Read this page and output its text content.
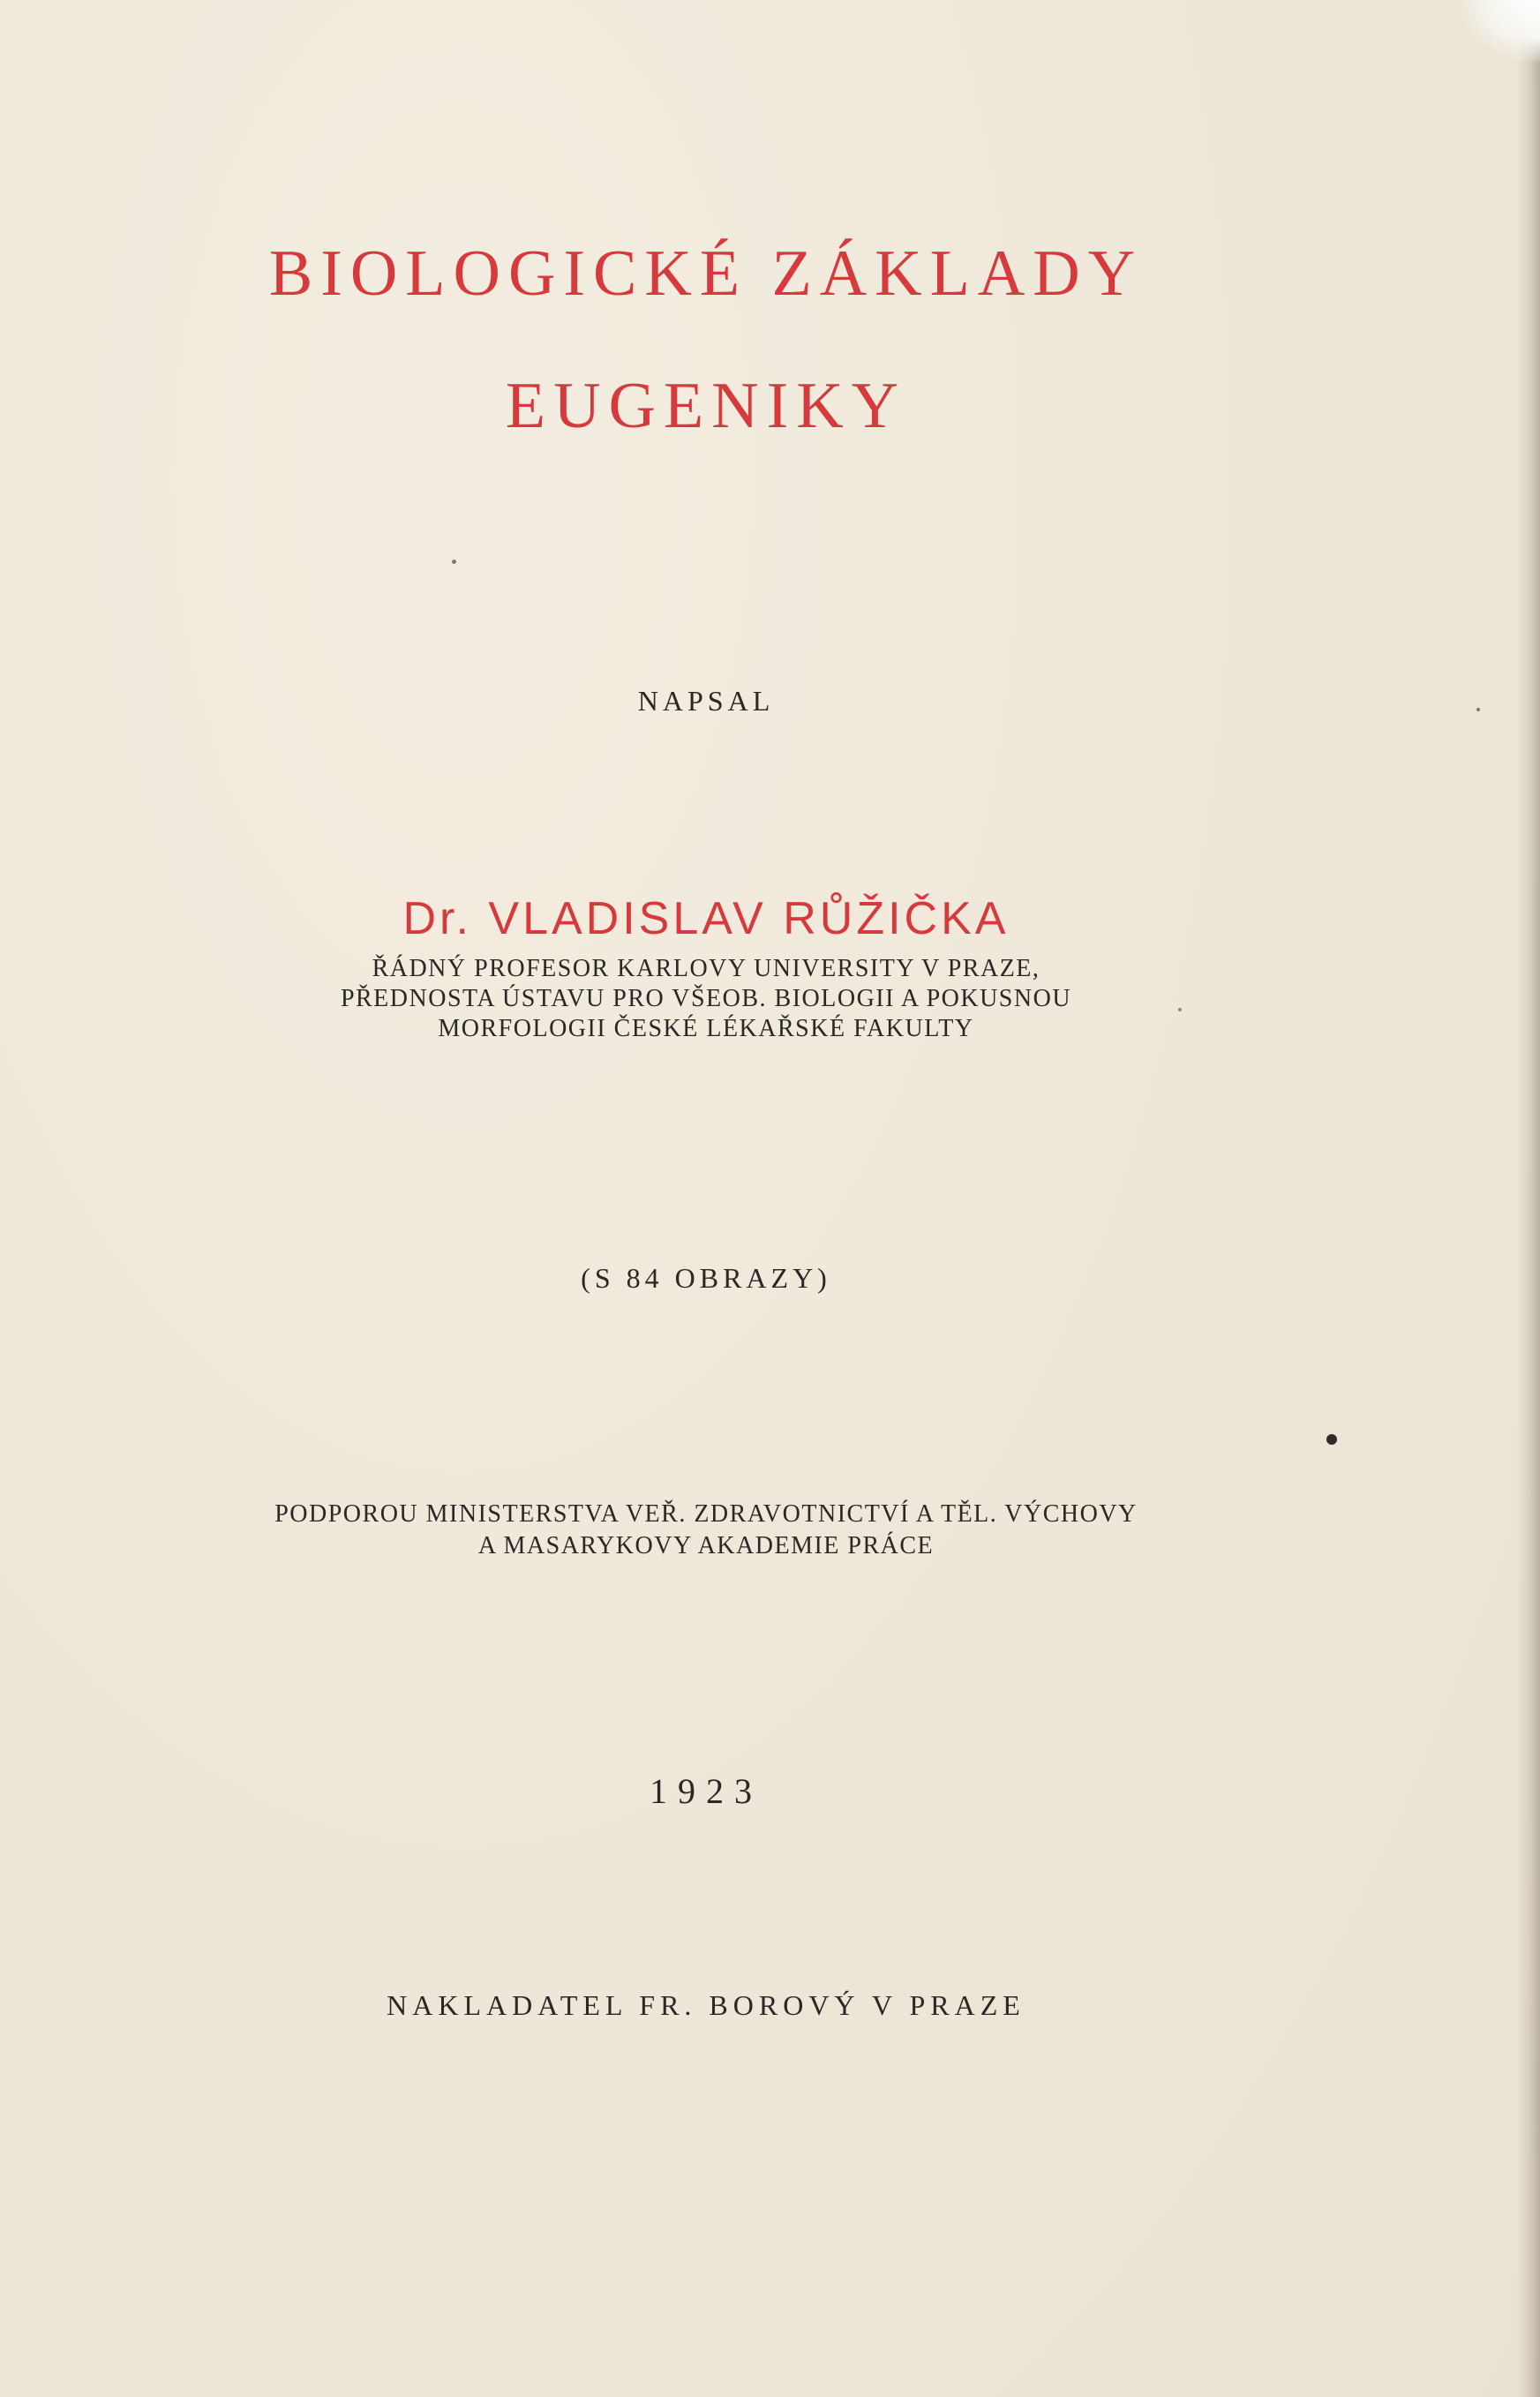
BIOLOGICKÉ ZÁKLADY
EUGENIKY
NAPSAL
Dr. VLADISLAV RŮŽIČKA
ŘÁDNÝ PROFESOR KARLOVY UNIVERSITY V PRAZE,
PŘEDNOSTA ÚSTAVU PRO VŠEOB. BIOLOGII A POKUSNOU
MORFOLOGII ČESKÉ LÉKAŘSKÉ FAKULTY
(S 84 OBRAZY)
PODPOROU MINISTERSTVA VEŘ. ZDRAVOTNICTVÍ A TĚL. VÝCHOVY
A MASARYKOVY AKADEMIE PRÁCE
1923
NAKLADATEL FR. BOROVÝ V PRAZE
